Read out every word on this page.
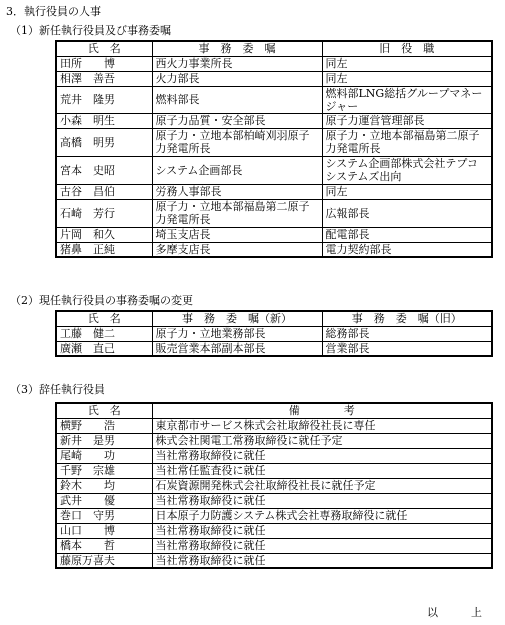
3．執行役員の人事
（1）新任執行役員及び事務委嘱
氏　名	事　務　委　嘱	旧　役　職
田所　　博	西火力事業所長	同左
相澤　善吾	火力部長	同左
荒井　隆男	燃料部長	燃料部LNG総括グループマネージャー
小森　明生	原子力品質・安全部長	原子力運営管理部長
高橋　明男	原子力・立地本部柏崎刈羽原子力発電所長	原子力・立地本部福島第二原子力発電所長
宮本　史昭	システム企画部長	システム企画部株式会社テプコシステムズ出向
古谷　昌伯	労務人事部長	同左
石崎　芳行	原子力・立地本部福島第二原子力発電所長	広報部長
片岡　和久	埼玉支店長	配電部長
猪鼻　正純	多摩支店長	電力契約部長
（2）現任執行役員の事務委嘱の変更
氏　名	事　務　委　嘱（新）	事　務　委　嘱（旧）
工藤　健二	原子力・立地業務部長	総務部長
廣瀬　直己	販売営業本部副本部長	営業部長
（3）辞任執行役員
氏　名	備　　　　考
横野　　浩	東京都市サービス株式会社取締役社長に専任
新井　是男	株式会社関電工常務取締役に就任予定
尾崎　　功	当社常務取締役に就任
千野　宗雄	当社常任監査役に就任
鈴木　　均	石炭資源開発株式会社取締役社長に就任予定
武井　　優	当社常務取締役に就任
巻口　守男	日本原子力防護システム株式会社専務取締役に就任
山口　　博	当社常務取締役に就任
橋本　　哲	当社常務取締役に就任
藤原万喜夫	当社常務取締役に就任
以　上
